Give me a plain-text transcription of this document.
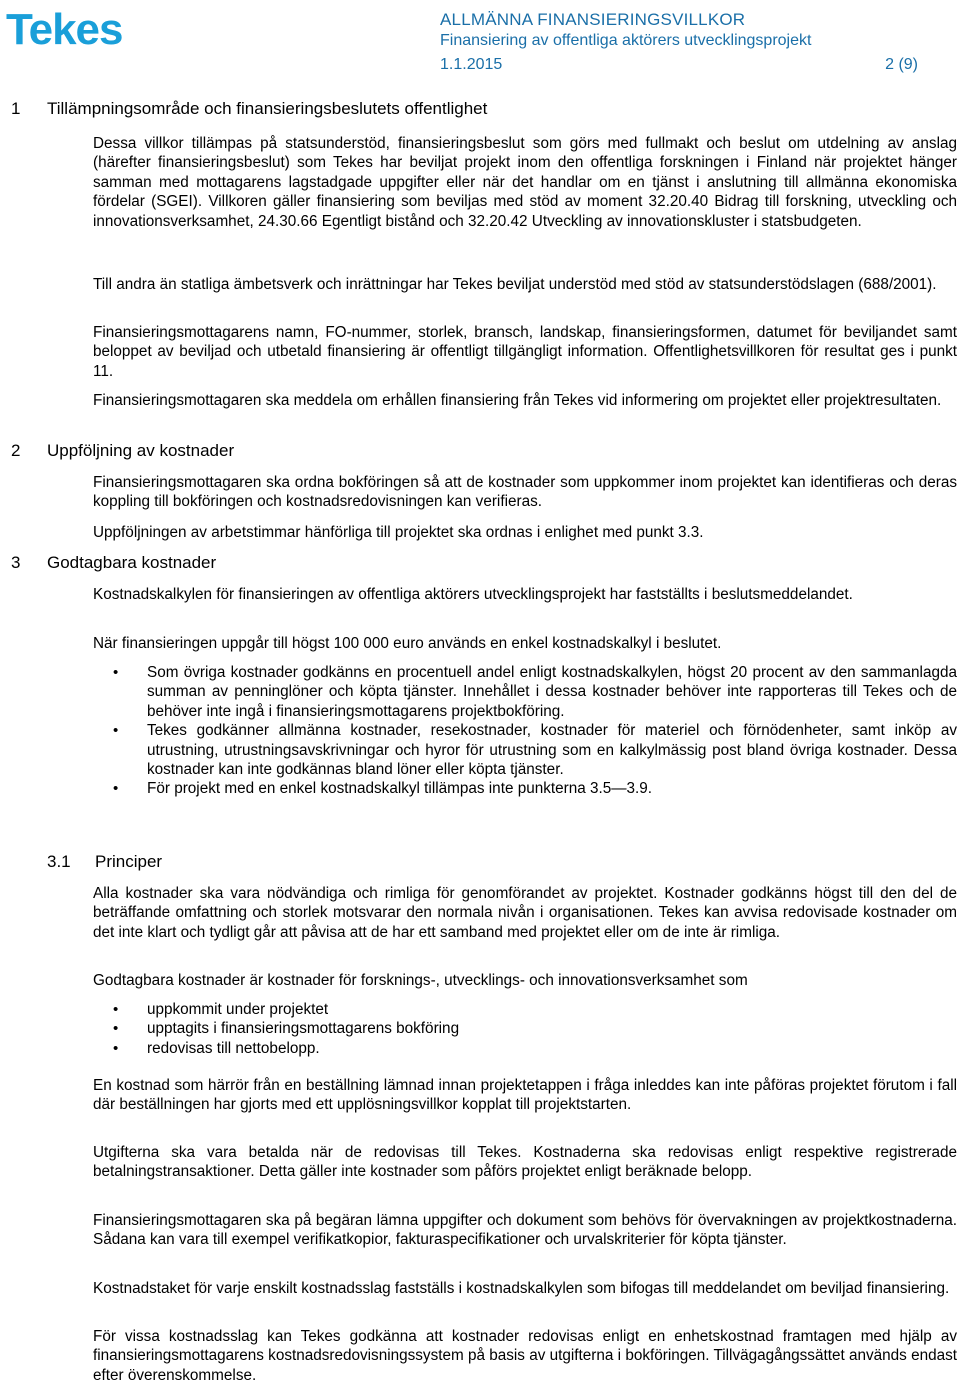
Tekes	ALLMÄNNA FINANSIERINGSVILLKOR
Finansiering av offentliga aktörers utvecklingsprojekt
1.1.2015	2 (9)
1 Tillämpningsområde och finansieringsbeslutets offentlighet

Dessa villkor tillämpas på statsunderstöd, finansieringsbeslut som görs med fullmakt och beslut om utdelning av anslag (härefter finansieringsbeslut) som Tekes har beviljat projekt inom den offentliga forskningen i Finland när projektet hänger samman med mottagarens lagstadgade uppgifter eller när det handlar om en tjänst i anslutning till allmänna ekonomiska fördelar (SGEI). Villkoren gäller finansiering som beviljas med stöd av moment 32.20.40 Bidrag till forskning, utveckling och innovationsverksamhet, 24.30.66 Egentligt bistånd och 32.20.42 Utveckling av innovationskluster i statsbudgeten.

Till andra än statliga ämbetsverk och inrättningar har Tekes beviljat understöd med stöd av statsunderstödslagen (688/2001).

Finansieringsmottagarens namn, FO-nummer, storlek, bransch, landskap, finansieringsformen, datumet för beviljandet samt beloppet av beviljad och utbetald finansiering är offentligt tillgängligt information. Offentlighetsvillkoren för resultat ges i punkt 11.

Finansieringsmottagaren ska meddela om erhållen finansiering från Tekes vid informering om projektet eller projektresultaten.

2 Uppföljning av kostnader

Finansieringsmottagaren ska ordna bokföringen så att de kostnader som uppkommer inom projektet kan identifieras och deras koppling till bokföringen och kostnadsredovisningen kan verifieras.

Uppföljningen av arbetstimmar hänförliga till projektet ska ordnas i enlighet med punkt 3.3.

3 Godtagbara kostnader

Kostnadskalkylen för finansieringen av offentliga aktörers utvecklingsprojekt har fastställts i beslutsmeddelandet.

När finansieringen uppgår till högst 100 000 euro används en enkel kostnadskalkyl i beslutet.

• Som övriga kostnader godkänns en procentuell andel enligt kostnadskalkylen, högst 20 procent av den sammanlagda summan av penninglöner och köpta tjänster. Innehållet i dessa kostnader behöver inte rapporteras till Tekes och de behöver inte ingå i finansieringsmottagarens projektbokföring.
• Tekes godkänner allmänna kostnader, resekostnader, kostnader för materiel och förnödenheter, samt inköp av utrustning, utrustningsavskrivningar och hyror för utrustning som en kalkylmässig post bland övriga kostnader. Dessa kostnader kan inte godkännas bland löner eller köpta tjänster.
• För projekt med en enkel kostnadskalkyl tillämpas inte punkterna 3.5—3.9.
3.1 Principer

Alla kostnader ska vara nödvändiga och rimliga för genomförandet av projektet. Kostnader godkänns högst till den del de beträffande omfattning och storlek motsvarar den normala nivån i organisationen. Tekes kan avvisa redovisade kostnader om det inte klart och tydligt går att påvisa att de har ett samband med projektet eller om de inte är rimliga.

Godtagbara kostnader är kostnader för forsknings-, utvecklings- och innovationsverksamhet som

• uppkommit under projektet
• upptagits i finansieringsmottagarens bokföring
• redovisas till nettobelopp.

En kostnad som härrör från en beställning lämnad innan projektetappen i fråga inleddes kan inte påföras projektet förutom i fall där beställningen har gjorts med ett upplösningsvillkor kopplat till projektstarten.

Utgifterna ska vara betalda när de redovisas till Tekes. Kostnaderna ska redovisas enligt respektive registrerade betalningstransaktioner. Detta gäller inte kostnader som påförs projektet enligt beräknade belopp.

Finansieringsmottagaren ska på begäran lämna uppgifter och dokument som behövs för övervakningen av projektkostnaderna. Sådana kan vara till exempel verifikatkopior, fakturaspecifikationer och urvalskriterier för köpta tjänster.

Kostnadstaket för varje enskilt kostnadsslag fastställs i kostnadskalkylen som bifogas till meddelandet om beviljad finansiering.

För vissa kostnadsslag kan Tekes godkänna att kostnader redovisas enligt en enhetskostnad framtagen med hjälp av finansieringsmottagarens kostnadsredovisningssystem på basis av utgifterna i bokföringen. Tillvägagångssättet används endast efter överenskommelse.
